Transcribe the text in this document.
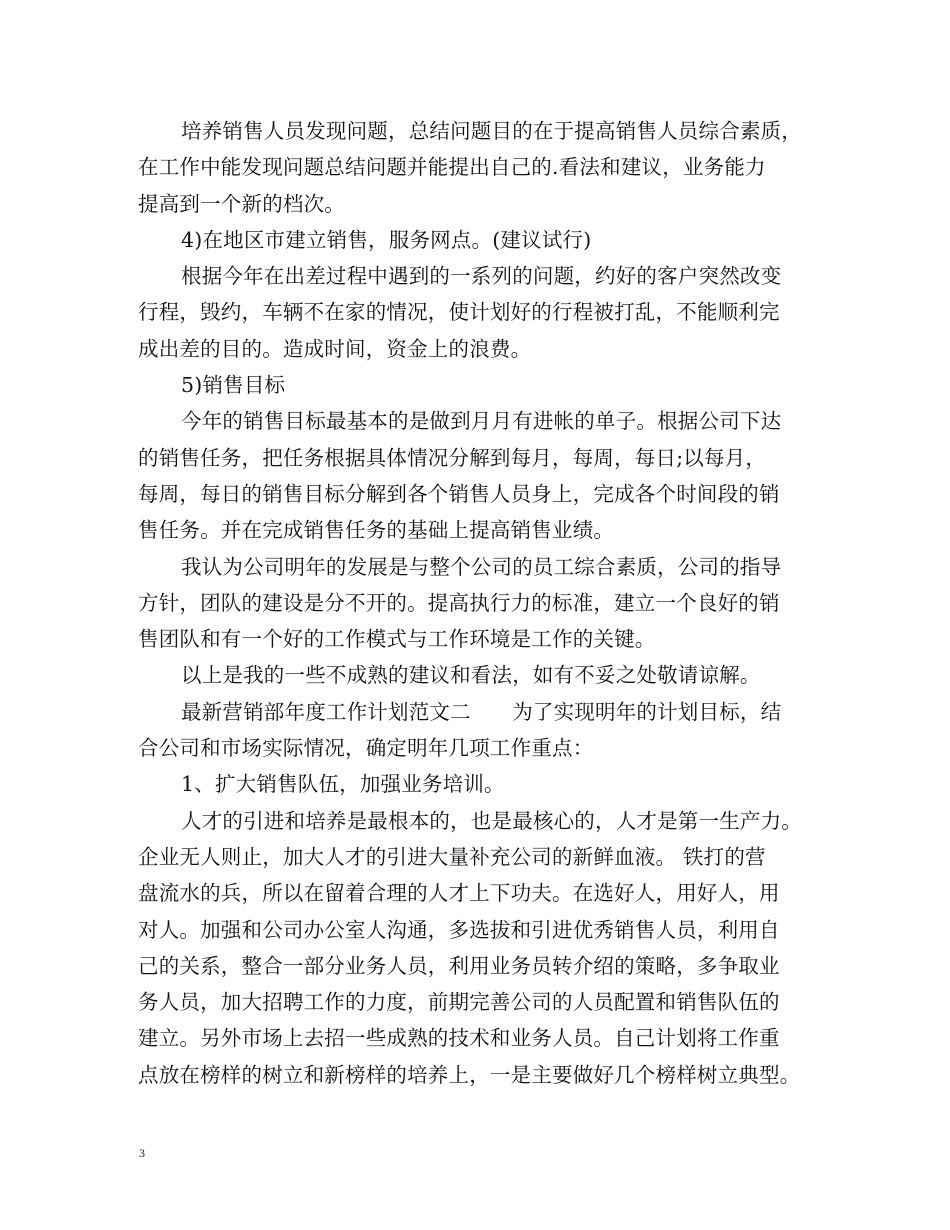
培养销售人员发现问题，总结问题目的在于提高销售人员综合素质，
在工作中能发现问题总结问题并能提出自己的.看法和建议，业务能力
提高到一个新的档次。
4)在地区市建立销售，服务网点。(建议试行)
根据今年在出差过程中遇到的一系列的问题，约好的客户突然改变
行程，毁约，车辆不在家的情况，使计划好的行程被打乱，不能顺利完
成出差的目的。造成时间，资金上的浪费。
5)销售目标
今年的销售目标最基本的是做到月月有进帐的单子。根据公司下达
的销售任务，把任务根据具体情况分解到每月，每周，每日;以每月，
每周，每日的销售目标分解到各个销售人员身上，完成各个时间段的销
售任务。并在完成销售任务的基础上提高销售业绩。
我认为公司明年的发展是与整个公司的员工综合素质，公司的指导
方针，团队的建设是分不开的。提高执行力的标准，建立一个良好的销
售团队和有一个好的工作模式与工作环境是工作的关键。
以上是我的一些不成熟的建议和看法，如有不妥之处敬请谅解。
最新营销部年度工作计划范文二　　为了实现明年的计划目标，结
合公司和市场实际情况，确定明年几项工作重点：
1、扩大销售队伍，加强业务培训。
人才的引进和培养是最根本的，也是最核心的，人才是第一生产力。
企业无人则止，加大人才的引进大量补充公司的新鲜血液。 铁打的营
盘流水的兵，所以在留着合理的人才上下功夫。在选好人，用好人，用
对人。加强和公司办公室人沟通，多选拔和引进优秀销售人员，利用自
己的关系，整合一部分业务人员，利用业务员转介绍的策略，多争取业
务人员，加大招聘工作的力度，前期完善公司的人员配置和销售队伍的
建立。另外市场上去招一些成熟的技术和业务人员。自己计划将工作重
点放在榜样的树立和新榜样的培养上，一是主要做好几个榜样树立典型。
3
